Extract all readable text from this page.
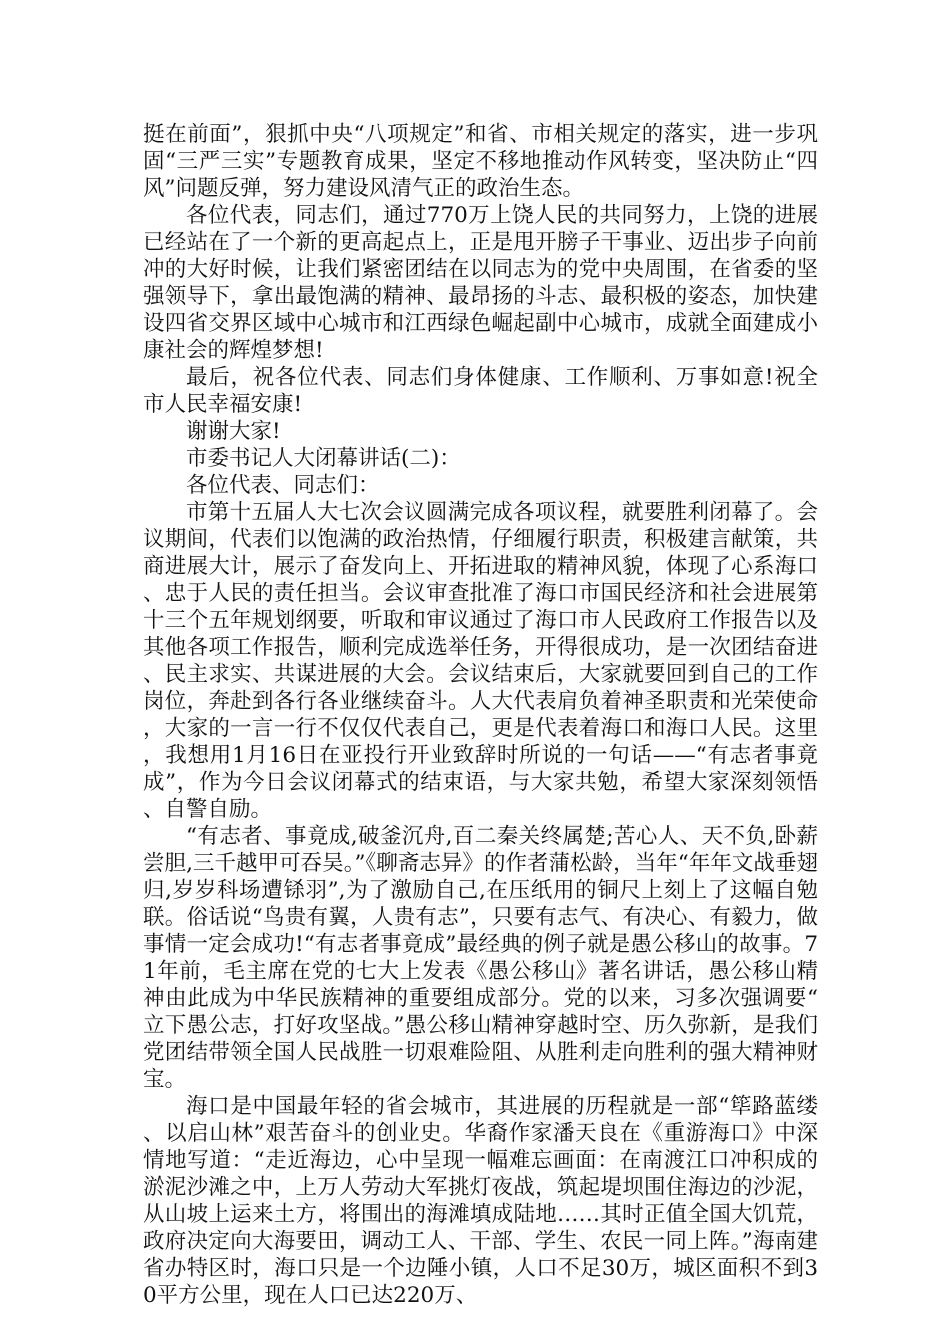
挺在前面”，狠抓中央“八项规定”和省、市相关规定的落实，进一步巩固“三严三实”专题教育成果，坚定不移地推动作风转变，坚决防止“四风”问题反弹，努力建设风清气正的政治生态。

各位代表，同志们，通过770万上饶人民的共同努力，上饶的进展已经站在了一个新的更高起点上，正是甩开膀子干事业、迈出步子向前冲的大好时候，让我们紧密团结在以同志为的党中央周围，在省委的坚强领导下，拿出最饱满的精神、最昂扬的斗志、最积极的姿态，加快建设四省交界区域中心城市和江西绿色崛起副中心城市，成就全面建成小康社会的辉煌梦想!

最后，祝各位代表、同志们身体健康、工作顺利、万事如意!祝全市人民幸福安康!

谢谢大家!

市委书记人大闭幕讲话(二)：

各位代表、同志们：

市第十五届人大七次会议圆满完成各项议程，就要胜利闭幕了。会议期间，代表们以饱满的政治热情，仔细履行职责，积极建言献策，共商进展大计，展示了奋发向上、开拓进取的精神风貌，体现了心系海口、忠于人民的责任担当。会议审查批准了海口市国民经济和社会进展第十三个五年规划纲要，听取和审议通过了海口市人民政府工作报告以及其他各项工作报告，顺利完成选举任务，开得很成功，是一次团结奋进、民主求实、共谋进展的大会。会议结束后，大家就要回到自己的工作岗位，奔赴到各行各业继续奋斗。人大代表肩负着神圣职责和光荣使命，大家的一言一行不仅仅代表自己，更是代表着海口和海口人民。这里，我想用1月16日在亚投行开业致辞时所说的一句话——“有志者事竟成”，作为今日会议闭幕式的结束语，与大家共勉，希望大家深刻领悟、自警自励。

“有志者、事竟成,破釜沉舟,百二秦关终属楚;苦心人、天不负,卧薪尝胆,三千越甲可吞吴。”《聊斋志异》的作者蒲松龄，当年“年年文战垂翅归,岁岁科场遭铩羽”,为了激励自己,在压纸用的铜尺上刻上了这幅自勉联。俗话说“鸟贵有翼，人贵有志”，只要有志气、有决心、有毅力，做事情一定会成功!“有志者事竟成”最经典的例子就是愚公移山的故事。71年前，毛主席在党的七大上发表《愚公移山》著名讲话，愚公移山精神由此成为中华民族精神的重要组成部分。党的以来，习多次强调要“立下愚公志，打好攻坚战。”愚公移山精神穿越时空、历久弥新，是我们党团结带领全国人民战胜一切艰难险阻、从胜利走向胜利的强大精神财宝。

海口是中国最年轻的省会城市，其进展的历程就是一部“筚路蓝缕、以启山林”艰苦奋斗的创业史。华裔作家潘天良在《重游海口》中深情地写道：“走近海边，心中呈现一幅难忘画面：在南渡江口冲积成的淤泥沙滩之中，上万人劳动大军挑灯夜战，筑起堤坝围住海边的沙泥，从山坡上运来土方，将围出的海滩填成陆地……其时正值全国大饥荒，政府决定向大海要田，调动工人、干部、学生、农民一同上阵。”海南建省办特区时，海口只是一个边陲小镇，人口不足30万，城区面积不到30平方公里，现在人口已达220万、
